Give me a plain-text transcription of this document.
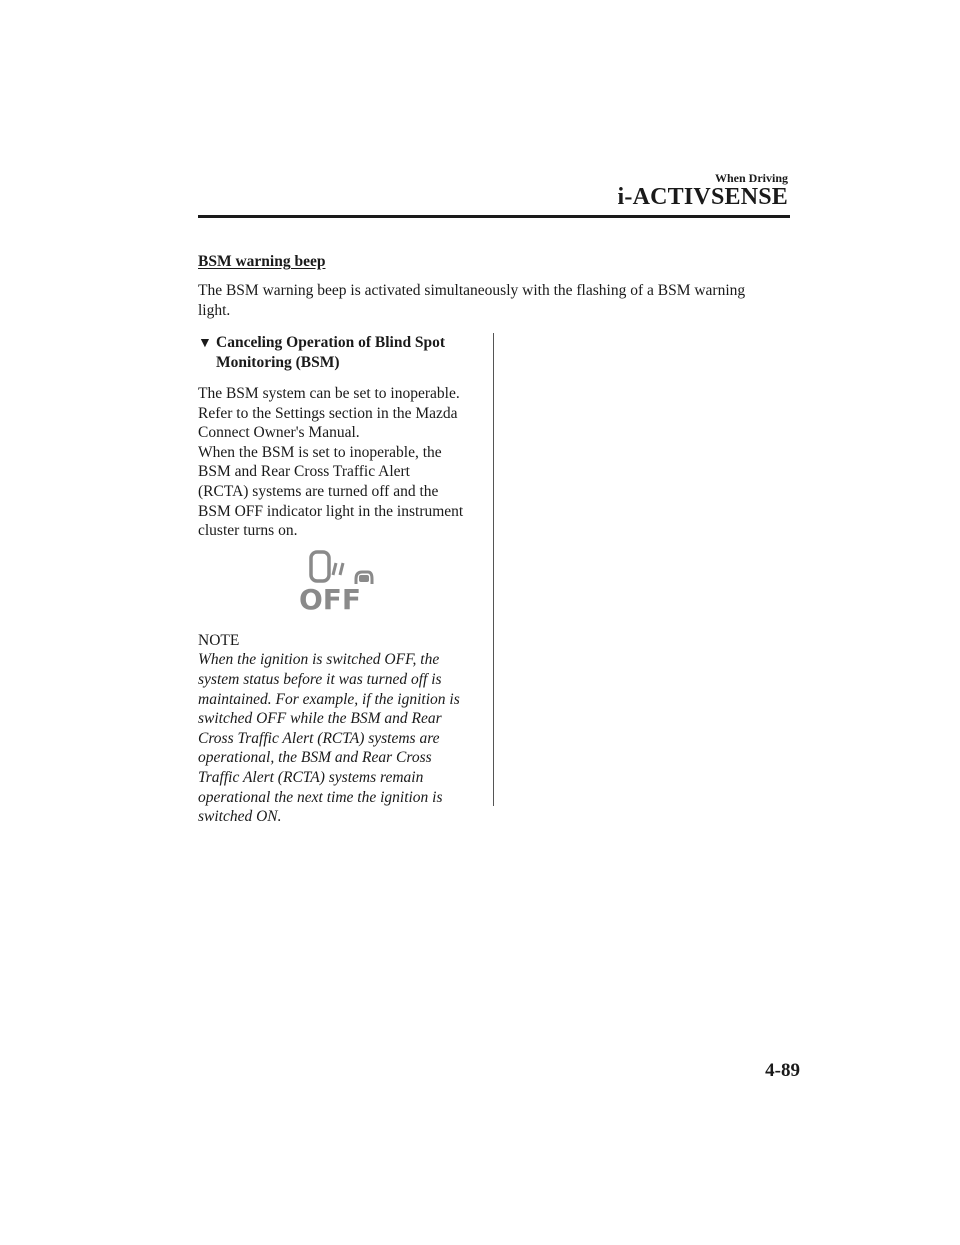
When Driving
i-ACTIVSENSE
BSM warning beep
The BSM warning beep is activated simultaneously with the flashing of a BSM warning
light.
▼ Canceling Operation of Blind Spot
Monitoring (BSM)
The BSM system can be set to inoperable.
Refer to the Settings section in the Mazda
Connect Owner's Manual.
When the BSM is set to inoperable, the
BSM and Rear Cross Traffic Alert
(RCTA) systems are turned off and the
BSM OFF indicator light in the instrument
cluster turns on.
OFF
NOTE
When the ignition is switched OFF, the
system status before it was turned off is
maintained. For example, if the ignition is
switched OFF while the BSM and Rear
Cross Traffic Alert (RCTA) systems are
operational, the BSM and Rear Cross
Traffic Alert (RCTA) systems remain
operational the next time the ignition is
switched ON.
4-89
